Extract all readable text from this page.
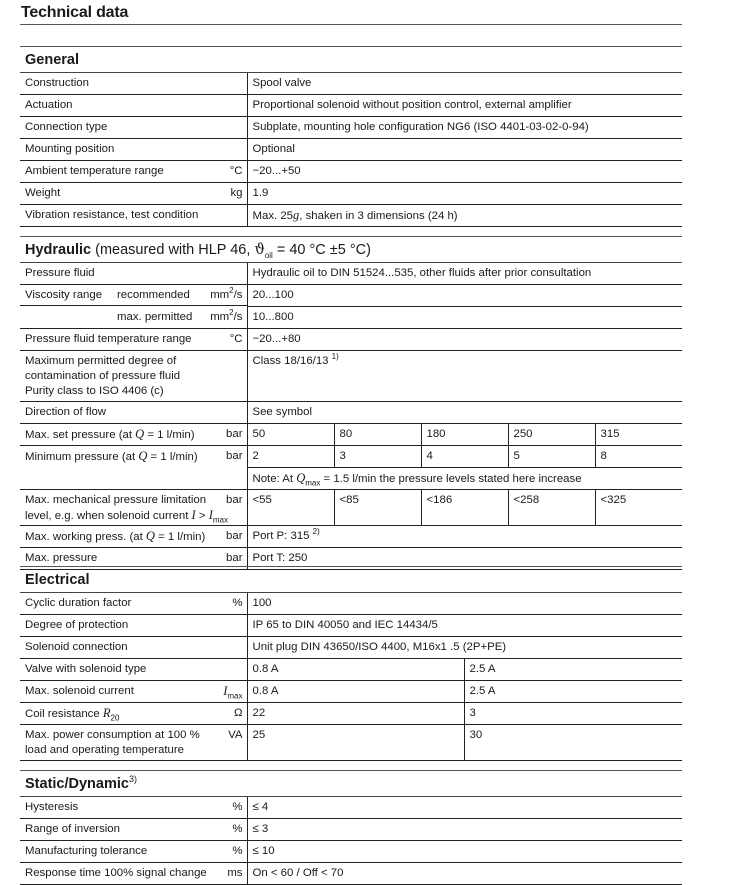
Technical data
General	
Construction	Spool valve
Actuation	Proportional solenoid without position control, external amplifier
Connection type	Subplate, mounting hole configuration NG6 (ISO 4401-03-02-0-94)
Mounting position	Optional
Ambient temperature range °C	−20...+50
Weight kg	1.9
Vibration resistance, test condition	Max. 25g, shaken in 3 dimensions (24 h)
Hydraulic (measured with HLP 46, $ϑ_{oil} = 40$ °C ±5 °C)					
Pressure fluid	Hydraulic oil to DIN 51524...535, other fluids after prior consultation				

Viscosity range recommended $mm^2/s$	20...100				

max. permitted $mm^2/s$	10...800				
Pressure fluid temperature range °C	−20...+80				

Maximum permitted degree of
contamination of pressure fluid
Purity class to ISO 4406 (c)	Class 18/16/13 $^{1)}$
Direction of flow	See symbol				
Max. set pressure (at Q = 1 l/min) bar	50	80	180	250	315
Minimum pressure (at Q = 1 l/min) bar	2	3	4	5	8
	Note: At $Q_{max} = 1.5$ l/min the pressure levels stated here increase				

Max. mechanical pressure limitation
level, e.g. when solenoid current $I > I_{max}$
bar	<55	<85	<186	<258	<325
Max. working press. (at Q = 1 l/min) bar	Port P: 315 $^{2)}$
Max. pressure bar	Port T: 250				
Electrical		
Cyclic duration factor %	100	
Degree of protection	IP 65 to DIN 40050 and IEC 14434/5	
Solenoid connection	Unit plug DIN 43650/ISO 4400, M16x1 .5 (2P+PE)	
Valve with solenoid type	0.8 A	2.5 A
Max. solenoid current $I_{max}$	0.8 A	2.5 A
Coil resistance $R_{20}$ Ω	22	3

Max. power consumption at 100 %
load and operating temperature
VA	25	30
Static/Dynamic$^{3)}$
Hysteresis %	≤ 4
Range of inversion %	≤ 3
Manufacturing tolerance %	≤ 10
Response time 100% signal change ms	On < 60 / Off < 70
